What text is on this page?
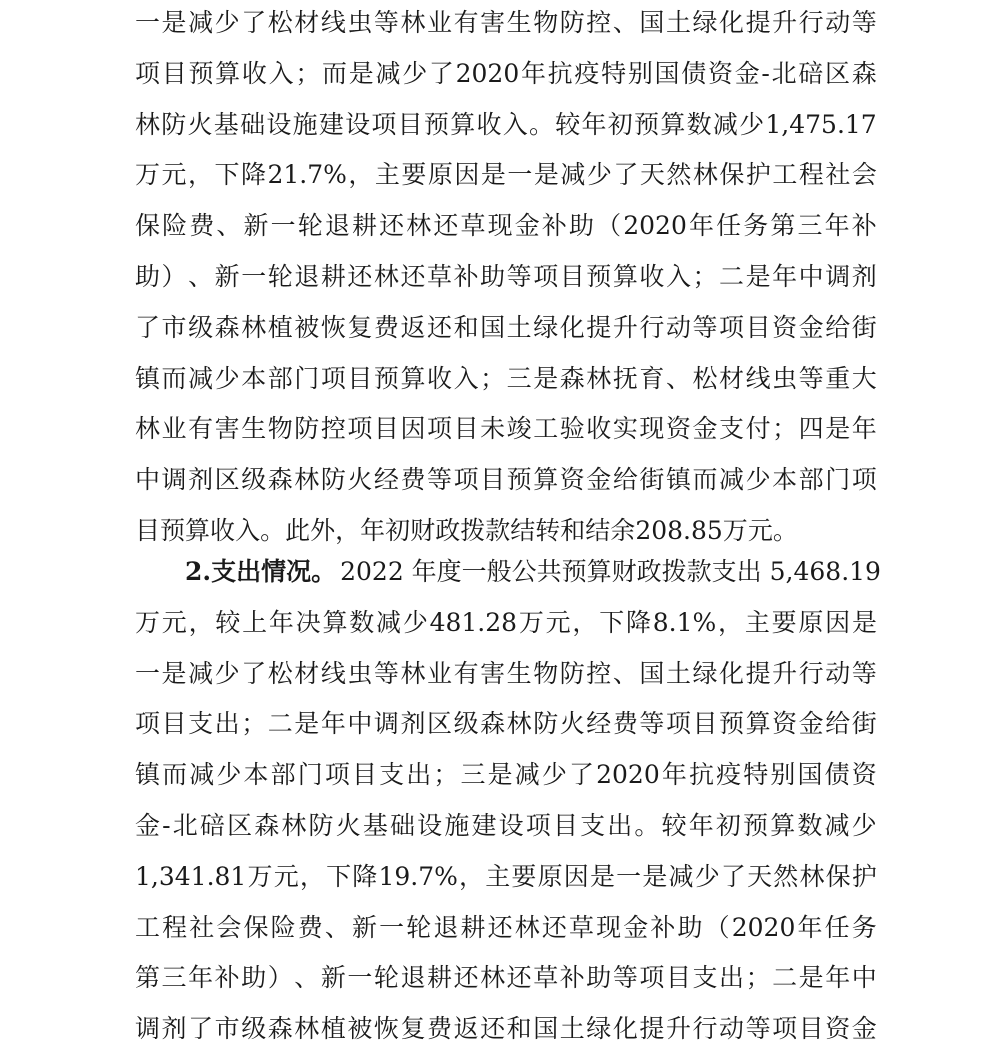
一 是 减 少 了 松 材 线 虫 等 林 业 有 害 生 物 防 控 、 国 土 绿 化 提 升 行 动 等
项 目 预 算 收 入 ； 而 是 减 少 了 2020 年 抗 疫 特 别 国 债 资 金 - 北 碚 区 森
林 防 火 基 础 设 施 建 设 项 目 预 算 收 入 。 较 年 初 预 算 数 减 少 1,475.17
万 元 ， 下 降 21.7% ， 主 要 原 因 是 一 是 减 少 了 天 然 林 保 护 工 程 社 会
保 险 费 、 新 一 轮 退 耕 还 林 还 草 现 金 补 助 （ 2020 年 任 务 第 三 年 补
助 ） 、 新 一 轮 退 耕 还 林 还 草 补 助 等 项 目 预 算 收 入 ； 二 是 年 中 调 剂
了 市 级 森 林 植 被 恢 复 费 返 还 和 国 土 绿 化 提 升 行 动 等 项 目 资 金 给 街
镇 而 减 少 本 部 门 项 目 预 算 收 入 ； 三 是 森 林 抚 育 、 松 材 线 虫 等 重 大
林 业 有 害 生 物 防 控 项 目 因 项 目 未 竣 工 验 收 实 现 资 金 支 付 ； 四 是 年
中 调 剂 区 级 森 林 防 火 经 费 等 项 目 预 算 资 金 给 街 镇 而 减 少 本 部 门 项
目 预 算 收 入 。 此 外 ， 年 初 财 政 拨 款 结 转 和 结 余 208.85 万 元 。
2.支出情况。 2022 年度一般公共预算财政拨款支出 5,468.19
万 元 ， 较 上 年 决 算 数 减 少 481.28 万 元 ， 下 降 8.1% ， 主 要 原 因 是
一 是 减 少 了 松 材 线 虫 等 林 业 有 害 生 物 防 控 、 国 土 绿 化 提 升 行 动 等
项 目 支 出 ； 二 是 年 中 调 剂 区 级 森 林 防 火 经 费 等 项 目 预 算 资 金 给 街
镇 而 减 少 本 部 门 项 目 支 出 ； 三 是 减 少 了 2020 年 抗 疫 特 别 国 债 资
金 - 北 碚 区 森 林 防 火 基 础 设 施 建 设 项 目 支 出 。 较 年 初 预 算 数 减 少
1,341.81 万 元 ， 下 降 19.7% ， 主 要 原 因 是 一 是 减 少 了 天 然 林 保 护
工 程 社 会 保 险 费 、 新 一 轮 退 耕 还 林 还 草 现 金 补 助 （ 2020 年 任 务
第 三 年 补 助 ） 、 新 一 轮 退 耕 还 林 还 草 补 助 等 项 目 支 出 ； 二 是 年 中
调 剂 了 市 级 森 林 植 被 恢 复 费 返 还 和 国 土 绿 化 提 升 行 动 等 项 目 资 金
